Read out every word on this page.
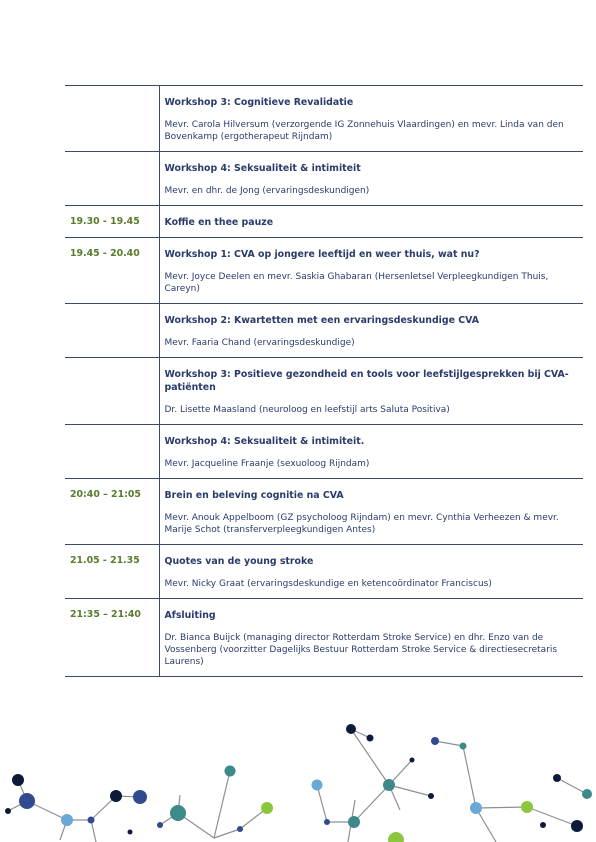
	Workshop 3: Cognitieve Revalidatie
Mevr. Carola Hilversum (verzorgende IG Zonnehuis Vlaardingen) en mevr. Linda van den Bovenkamp (ergotherapeut Rijndam)

	Workshop 4: Seksualiteit & intimiteit
Mevr. en dhr. de Jong (ervaringsdeskundigen)

19.30 - 19.45	Koffie en thee pauze

19.45 - 20.40	Workshop 1: CVA op jongere leeftijd en weer thuis, wat nu?
Mevr. Joyce Deelen en mevr. Saskia Ghabaran (Hersenletsel Verpleegkundigen Thuis, Careyn)

	Workshop 2: Kwartetten met een ervaringsdeskundige CVA
Mevr. Faaria Chand (ervaringsdeskundige)

	Workshop 3: Positieve gezondheid en tools voor leefstijlgesprekken bij CVA-patiënten
Dr. Lisette Maasland (neuroloog en leefstijl arts Saluta Positiva)

	Workshop 4: Seksualiteit & intimiteit.
Mevr. Jacqueline Fraanje (sexuoloog Rijndam)

20:40 – 21:05	Brein en beleving cognitie na CVA
Mevr. Anouk Appelboom (GZ psycholoog Rijndam) en mevr. Cynthia Verheezen & mevr. Marije Schot (transferverpleegkundigen Antes)

21.05 - 21.35	Quotes van de young stroke
Mevr. Nicky Graat (ervaringsdeskundige en ketencoördinator Franciscus)

21:35 – 21:40	Afsluiting
Dr. Bianca Buijck (managing director Rotterdam Stroke Service) en dhr. Enzo van de Vossenberg (voorzitter Dagelijks Bestuur Rotterdam Stroke Service & directiesecretaris Laurens)
